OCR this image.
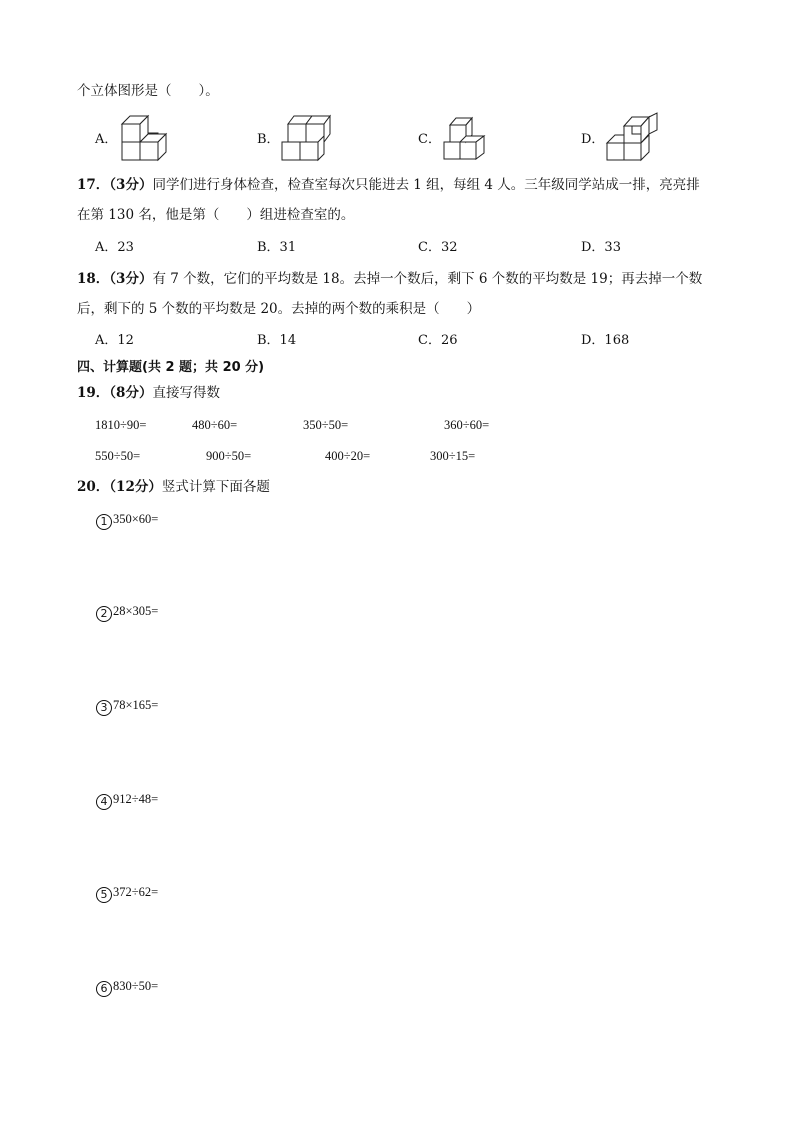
个立体图形是（　　）。
A．	B．	C．	D．
17．（3分）同学们进行身体检查，检查室每次只能进去 1 组，每组 4 人。三年级同学站成一排，亮亮排
在第 130 名，他是第（　　）组进检查室的。
A．23	B．31	C．32	D．33
18．（3分）有 7 个数，它们的平均数是 18。去掉一个数后，剩下 6 个数的平均数是 19；再去掉一个数
后，剩下的 5 个数的平均数是 20。去掉的两个数的乘积是（　　）
A．12	B．14	C．26	D．168
四、计算题(共 2 题；共 20 分)
19．（8分）直接写得数
1810÷90=	480÷60=	350÷50=	360÷60=
550÷50=	900÷50=	400÷20=	300÷15=
20．（12分）竖式计算下面各题
1 350×60=
2 28×305=
3 78×165=
4 912÷48=
5 372÷62=
6 830÷50=
